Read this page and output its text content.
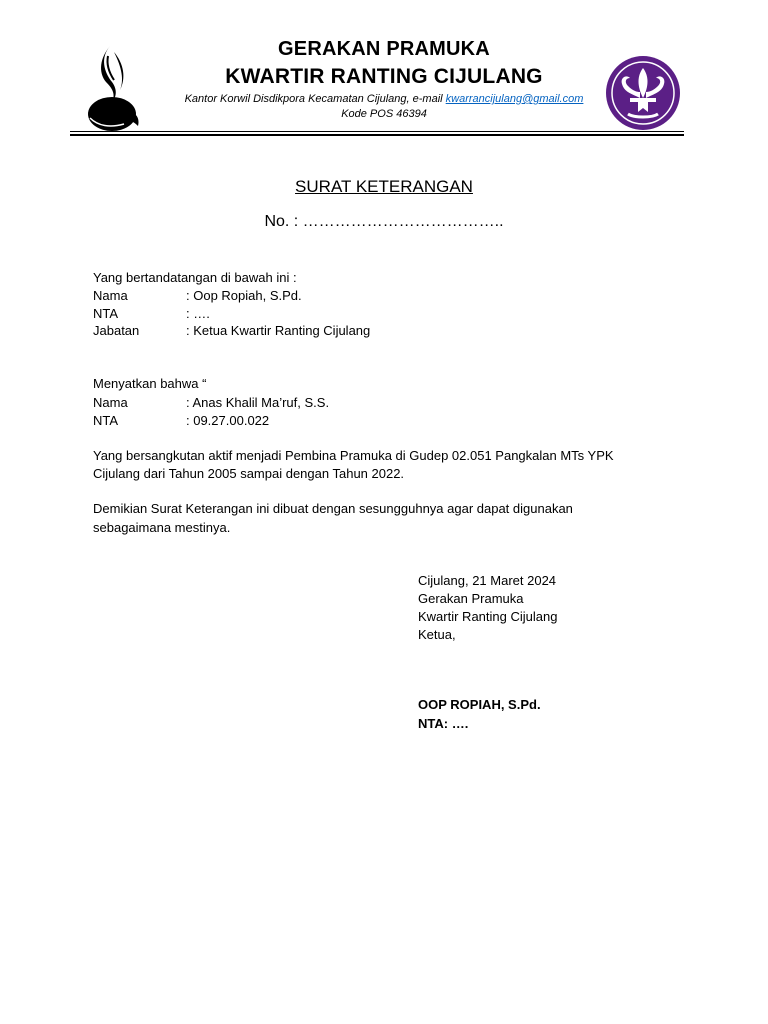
GERAKAN PRAMUKA
KWARTIR RANTING CIJULANG
Kantor Korwil Disdikpora Kecamatan Cijulang, e-mail kwarrancijulang@gmail.com
Kode POS 46394
SURAT KETERANGAN
No. : ………………………………..
Yang bertandatangan di bawah ini :
Nama	: Oop Ropiah, S.Pd.
NTA	: ….
Jabatan	: Ketua Kwartir Ranting Cijulang
Menyatkan bahwa “
Nama	: Anas Khalil Ma’ruf, S.S.
NTA	: 09.27.00.022
Yang bersangkutan aktif menjadi Pembina Pramuka di Gudep 02.051 Pangkalan MTs YPK
Cijulang dari Tahun 2005 sampai dengan Tahun 2022.
Demikian Surat Keterangan ini dibuat dengan sesungguhnya agar dapat digunakan
sebagaimana mestinya.
Cijulang, 21 Maret 2024
Gerakan Pramuka
Kwartir Ranting Cijulang
Ketua,
OOP ROPIAH, S.Pd.
NTA: ….
